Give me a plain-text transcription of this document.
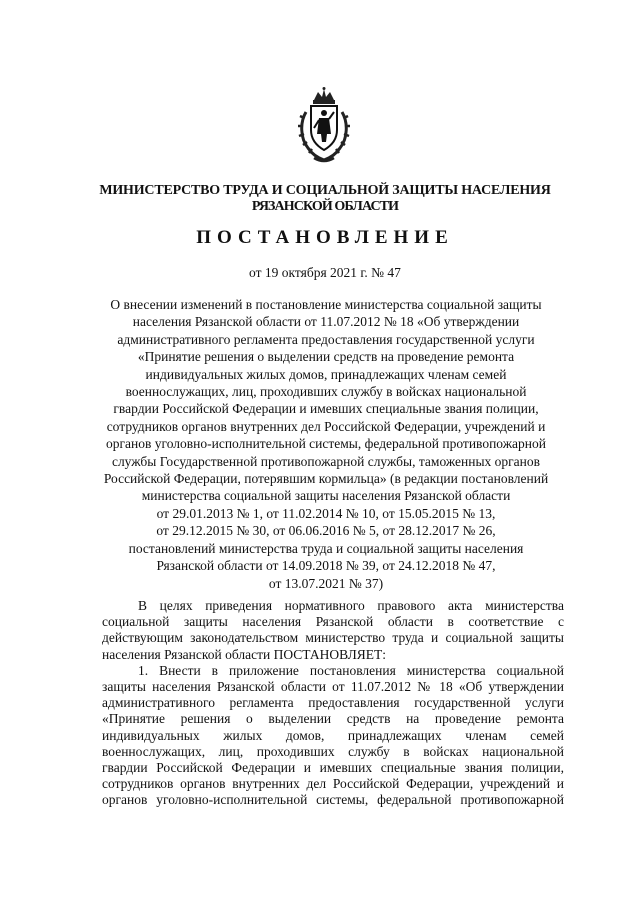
МИНИСТЕРСТВО ТРУДА И СОЦИАЛЬНОЙ ЗАЩИТЫ НАСЕЛЕНИЯ
РЯЗАНСКОЙ ОБЛАСТИ
ПОСТАНОВЛЕНИЕ
от 19 октября 2021 г. № 47
О внесении изменений в постановление министерства социальной защиты
населения Рязанской области от 11.07.2012 № 18 «Об утверждении
административного регламента предоставления государственной услуги
«Принятие решения о выделении средств на проведение ремонта
индивидуальных жилых домов, принадлежащих членам семей
военнослужащих, лиц, проходивших службу в войсках национальной
гвардии Российской Федерации и имевших специальные звания полиции,
сотрудников органов внутренних дел Российской Федерации, учреждений и
органов уголовно-исполнительной системы, федеральной противопожарной
службы Государственной противопожарной службы, таможенных органов
Российской Федерации, потерявшим кормильца» (в редакции постановлений
министерства социальной защиты населения Рязанской области
от 29.01.2013 № 1, от 11.02.2014 № 10, от 15.05.2015 № 13,
от 29.12.2015 № 30, от 06.06.2016 № 5, от 28.12.2017 № 26,
постановлений министерства труда и социальной защиты населения
Рязанской области от 14.09.2018 № 39, от 24.12.2018 № 47,
от 13.07.2021 № 37)
В целях приведения нормативного правового акта министерства
социальной защиты населения Рязанской области в соответствие с
действующим законодательством министерство труда и социальной защиты
населения Рязанской области ПОСТАНОВЛЯЕТ:
1. Внести в приложение постановления министерства социальной
защиты населения Рязанской области от 11.07.2012 № 18 «Об утверждении
административного регламента предоставления государственной услуги
«Принятие решения о выделении средств на проведение ремонта
индивидуальных жилых домов, принадлежащих членам семей
военнослужащих, лиц, проходивших службу в войсках национальной
гвардии Российской Федерации и имевших специальные звания полиции,
сотрудников органов внутренних дел Российской Федерации, учреждений и
органов уголовно-исполнительной системы, федеральной противопожарной
